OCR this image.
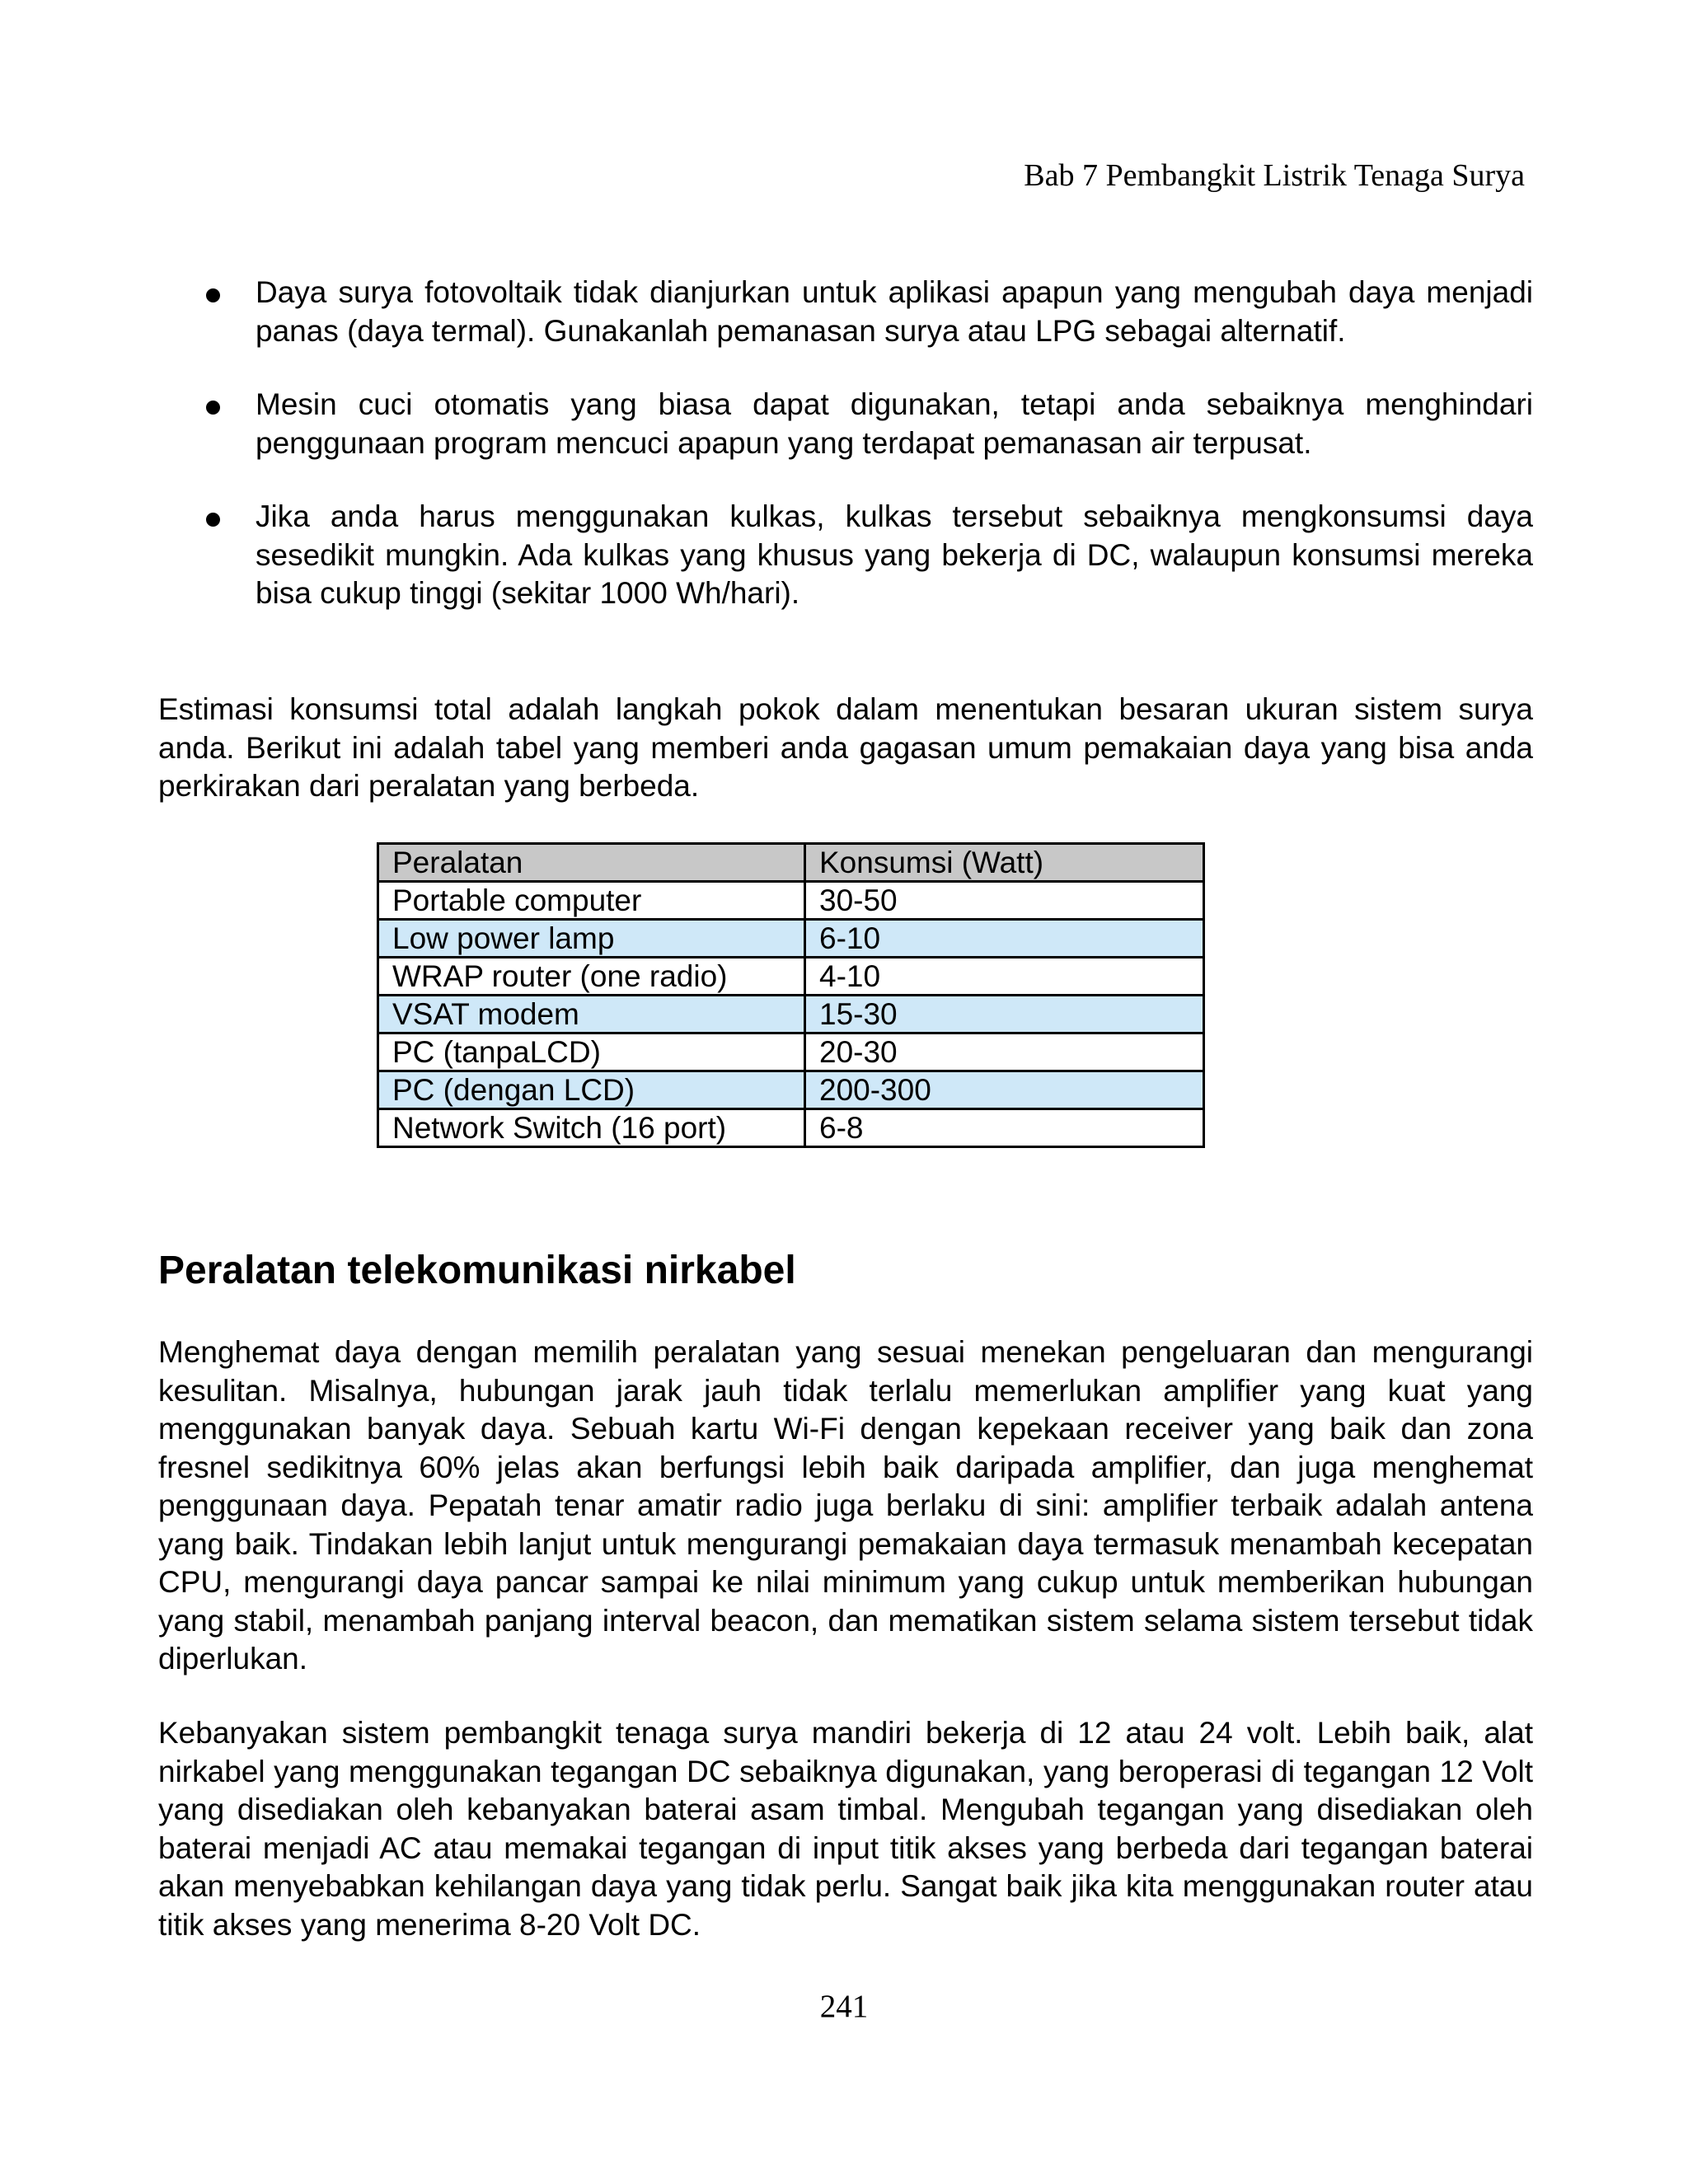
Bab 7 Pembangkit Listrik Tenaga Surya
Daya surya fotovoltaik tidak dianjurkan untuk aplikasi apapun yang mengubah daya menjadi panas (daya termal). Gunakanlah pemanasan surya atau LPG sebagai alternatif.
Mesin cuci otomatis yang biasa dapat digunakan, tetapi anda sebaiknya menghindari penggunaan program mencuci apapun yang terdapat pemanasan air terpusat.
Jika anda harus menggunakan kulkas, kulkas tersebut sebaiknya mengkonsumsi daya sesedikit mungkin. Ada kulkas yang khusus yang bekerja di DC, walaupun konsumsi mereka bisa cukup tinggi (sekitar 1000 Wh/hari).

Estimasi konsumsi total adalah langkah pokok dalam menentukan besaran ukuran sistem surya anda. Berikut ini adalah tabel yang memberi anda gagasan umum pemakaian daya yang bisa anda perkirakan dari peralatan yang berbeda.

Peralatan	Konsumsi (Watt)
Portable computer	30-50
Low power lamp	6-10
WRAP router (one radio)	4-10
VSAT modem	15-30
PC (tanpaLCD)	20-30
PC (dengan LCD)	200-300
Network Switch (16 port)	6-8
Peralatan telekomunikasi nirkabel

Menghemat daya dengan memilih peralatan yang sesuai menekan pengeluaran dan mengurangi kesulitan. Misalnya, hubungan jarak jauh tidak terlalu memerlukan amplifier yang kuat yang menggunakan banyak daya. Sebuah kartu Wi-Fi dengan kepekaan receiver yang baik dan zona fresnel sedikitnya 60% jelas akan berfungsi lebih baik daripada amplifier, dan juga menghemat penggunaan daya. Pepatah tenar amatir radio juga berlaku di sini: amplifier terbaik adalah antena yang baik. Tindakan lebih lanjut untuk mengurangi pemakaian daya termasuk menambah kecepatan CPU, mengurangi daya pancar sampai ke nilai minimum yang cukup untuk memberikan hubungan yang stabil, menambah panjang interval beacon, dan mematikan sistem selama sistem tersebut tidak diperlukan.

Kebanyakan sistem pembangkit tenaga surya mandiri bekerja di 12 atau 24 volt. Lebih baik, alat nirkabel yang menggunakan tegangan DC sebaiknya digunakan, yang beroperasi di tegangan 12 Volt yang disediakan oleh kebanyakan baterai asam timbal. Mengubah tegangan yang disediakan oleh baterai menjadi AC atau memakai tegangan di input titik akses yang berbeda dari tegangan baterai akan menyebabkan kehilangan daya yang tidak perlu. Sangat baik jika kita menggunakan router atau titik akses yang menerima 8-20 Volt DC.

241
